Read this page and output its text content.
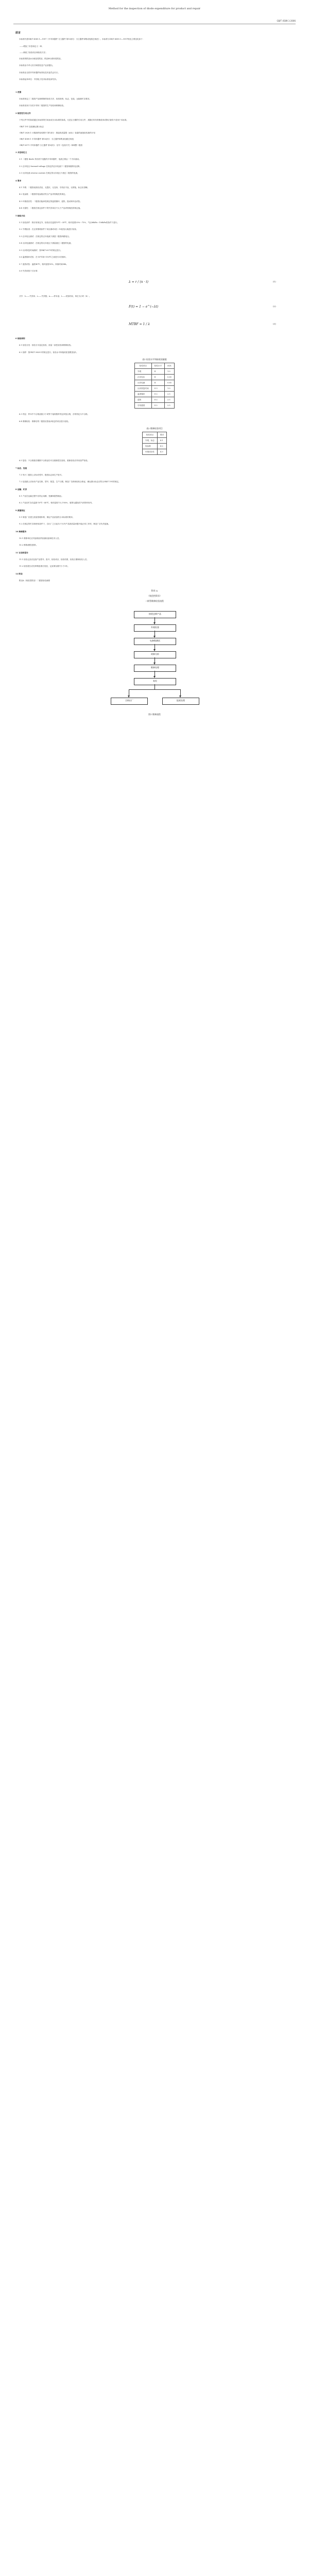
Method for the inspection of diode expenditure for product and repair
GB/T 4589.1-2006
前言
本标准代替GB/T 4589.1—1997《半导体器件 分立器件 第10部分：分立器件和集成电路总规范》。本标准与GB/T 4589.1—1997相比主要变化如下：
——增加了术语和定义一章；
——修改了检验项目和检验方法；
本标准的附录A为规范性附录，附录B为资料性附录。
本标准由中华人民共和国信息产业部提出。
本标准由全国半导体器件标准化技术委员会归口。
本标准起草单位：中国电子技术标准化研究所。
1 范围
本标准规定了二极管产品和维修的检验方法、检验规则、标志、包装、运输和贮存要求。
本标准适用于各类半导体二极管的生产检验和维修检验。
2 规范性引用文件
下列文件中的条款通过本标准的引用而成为本标准的条款。凡是注日期的引用文件，其随后所有的修改单或修订版均不适用于本标准。
GB/T 191 包装储运图示标志
GB/T 2828.1 计数抽样检验程序 第1部分：按接收质量限（AQL）检索的逐批检验抽样计划
GB/T 4589.1 半导体器件 第10部分：分立器件和集成电路总规范
GB/T 6571 半导体器件 分立器件 第3部分：信号（包括开关）和调整二极管
3 术语和定义
3.1 二极管 diode 具有两个电极的半导体器件，电流主要沿一个方向流动。
3.2 正向电压 forward voltage 在规定的正向电流下二极管两端的电压降。
3.3 反向电流 reverse current 在规定的反向电压下流过二极管的电流。
4 要求
4.1 外观：二极管表面应清洁，无裂纹、无变形，引线应平直，无锈蚀，标志应清晰。
4.2 电参数：二极管的电参数应符合产品详细规范的规定。
4.3 环境适应性：二极管应能承受规定的温度循环、湿热、振动和冲击试验。
4.4 可靠性：二极管在规定条件下的失效率应不大于产品详细规范的规定值。
5 检验方法
5.1 检验条件：除另有规定外，检验应在温度15℃～35℃、相对湿度25%～75%、气压86kPa～106kPa的条件下进行。
5.2 外观检查：在正常照明条件下用目测或3倍～10倍放大镜进行检查。
5.3 正向电压测试：在规定的正向电流下测量二极管两端电压。
5.4 反向电流测试：在规定的反向电压下测量流过二极管的电流。
5.5 反向恢复时间测试：按GB/T 6571的规定进行。
5.6 温度循环试验：在-55℃和+150℃之间进行5次循环。
5.7 湿热试验：温度40℃，相对湿度93%，持续时间96h。
5.8 失效率按下式计算：
λ = r / (n · t)	(1)
式中：λ——失效率；r——失效数；n——样本量；t——试验时间，单位为小时（h）。
F(t) = 1 − e^(−λt)	(2)
MTBF = 1 / λ	(3)
6 检验规则
6.1 检验分类：检验分为鉴定检验、质量一致性检验和维修检验。
6.2 抽样：按GB/T 2828.1的规定进行，检验水平和接收质量限见表1。
表1 检验水平和接收质量限
检验项目	检验水平	AQL
外观	II	1.0
正向电压	II	0.65
反向电流	II	0.65
反向恢复时间	S-3	1.0
温度循环	S-2	2.5
湿热	S-2	2.5
引线强度	S-2	2.5
6.3 判定：样本中不合格品数小于或等于接收数时判定该批合格，否则判定为不合格。
6.4 维修检验：维修后的二极管应按表2规定的项目进行检验。
表2 维修检验项目
检验项目	要求
外观、标志	4.1
电参数	4.2
环境适应性	4.3
6.5 复验：不合格批经剔除不合格品后可以重新提交检验，重新检验应采用加严检验。
7 标志、包装
7.1 每只二极管上应标有型号、极性标志和生产批号。
7.2 包装箱上应标有产品名称、型号、数量、生产日期、制造厂名称和检验合格证，储运图示标志应符合GB/T 191的规定。
8 运输、贮存
8.1 产品在运输过程中应防止雨淋、受潮和剧烈撞击。
8.2 产品应贮存在温度-10℃～40℃、相对湿度不大于80%、周围无腐蚀性气体的库房内。
9 质量保证
9.1 制造厂应建立质量管理体系，保证产品质量符合本标准的要求。
9.2 在规定的贮存和使用条件下，自出厂之日起12个月内产品因质量问题不能正常工作时，制造厂应负责更换。
10 维修服务
10.1 维修单位应具备相应的检测设备和技术人员。
10.2 维修流程见图1。
11 记录和报告
11.1 检验记录应包括产品型号、批号、检验项目、检验结果、检验日期和检验人员。
11.2 检验报告应经审核批准后发放，记录保存期不少于3年。
12 附录
附录A（规范性附录）二极管检验流程
附录 A
（规范性附录）
二极管维修检验流程
接收送修产品
外观检查
电参数测试
故障分析
维修处理
复检
合格出厂	报废处理
图1 维修流程
